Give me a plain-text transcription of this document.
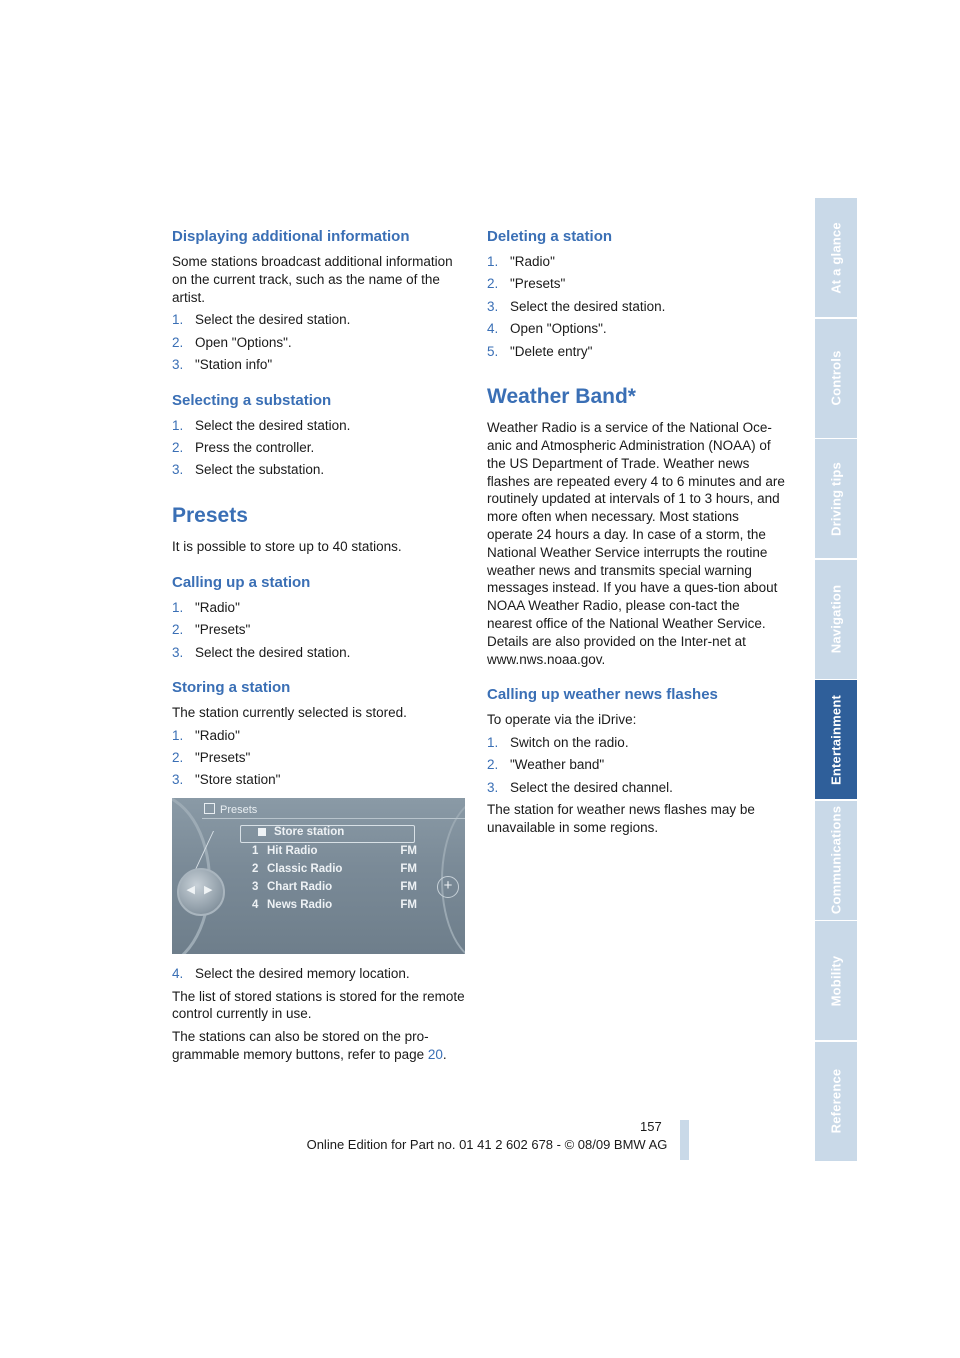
Displaying additional information

Some stations broadcast additional information on the current track, such as the name of the artist.

1. Select the desired station.
2. Open "Options".
3. "Station info"
Selecting a substation
1. Select the desired station.
2. Press the controller.
3. Select the substation.
Presets

It is possible to store up to 40 stations.

Calling up a station
1. "Radio"
2. "Presets"
3. Select the desired station.
Storing a station

The station currently selected is stored.

1. "Radio"
2. "Presets"
3. "Store station"
Presets
Store station
1 Hit Radio	FM
2 Classic Radio	FM
3 Chart Radio	FM
4 News Radio	FM
◀ ▶	+
4. Select the desired memory location.

The list of stored stations is stored for the remote control currently in use.

The stations can also be stored on the pro-grammable memory buttons, refer to page 20.

Deleting a station
1. "Radio"
2. "Presets"
3. Select the desired station.
4. Open "Options".
5. "Delete entry"
Weather Band*

Weather Radio is a service of the National Oce-anic and Atmospheric Administration (NOAA) of the US Department of Trade. Weather news flashes are repeated every 4 to 6 minutes and are routinely updated at intervals of 1 to 3 hours, and more often when necessary. Most stations operate 24 hours a day. In case of a storm, the National Weather Service interrupts the routine weather news and transmits special warning messages instead. If you have a ques-tion about NOAA Weather Radio, please con-tact the nearest office of the National Weather Service. Details are also provided on the Inter-net at www.nws.noaa.gov.

Calling up weather news flashes

To operate via the iDrive:

1. Switch on the radio.
2. "Weather band"
3. Select the desired channel.

The station for weather news flashes may be unavailable in some regions.

At a glance
Controls
Driving tips
Navigation
Entertainment
Communications
Mobility
Reference
157
Online Edition for Part no. 01 41 2 602 678 - © 08/09 BMW AG
